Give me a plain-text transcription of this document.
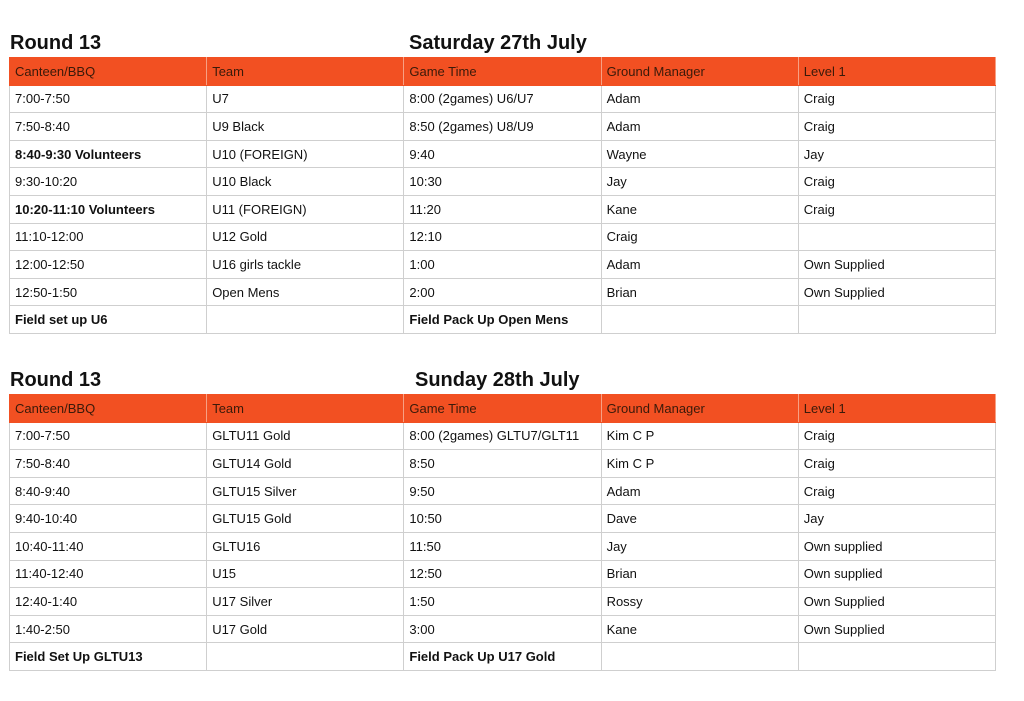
Round 13	Saturday 27th July
Canteen/BBQ	Team	Game Time	Ground Manager	Level 1
7:00-7:50	U7	8:00 (2games) U6/U7	Adam	Craig
7:50-8:40	U9 Black	8:50 (2games) U8/U9	Adam	Craig
8:40-9:30 Volunteers	U10 (FOREIGN)	9:40	Wayne	Jay
9:30-10:20	U10 Black	10:30	Jay	Craig
10:20-11:10 Volunteers	U11 (FOREIGN)	11:20	Kane	Craig
11:10-12:00	U12 Gold	12:10	Craig	
12:00-12:50	U16 girls tackle	1:00	Adam	Own Supplied
12:50-1:50	Open Mens	2:00	Brian	Own Supplied
Field set up U6		Field Pack Up Open Mens		
Round 13	Sunday 28th July
Canteen/BBQ	Team	Game Time	Ground Manager	Level 1
7:00-7:50	GLTU11 Gold	8:00 (2games) GLTU7/GLT11	Kim C P	Craig
7:50-8:40	GLTU14 Gold	8:50	Kim C P	Craig
8:40-9:40	GLTU15 Silver	9:50	Adam	Craig
9:40-10:40	GLTU15 Gold	10:50	Dave	Jay
10:40-11:40	GLTU16	11:50	Jay	Own supplied
11:40-12:40	U15	12:50	Brian	Own supplied
12:40-1:40	U17 Silver	1:50	Rossy	Own Supplied
1:40-2:50	U17 Gold	3:00	Kane	Own Supplied
Field Set Up GLTU13		Field Pack Up U17 Gold		
